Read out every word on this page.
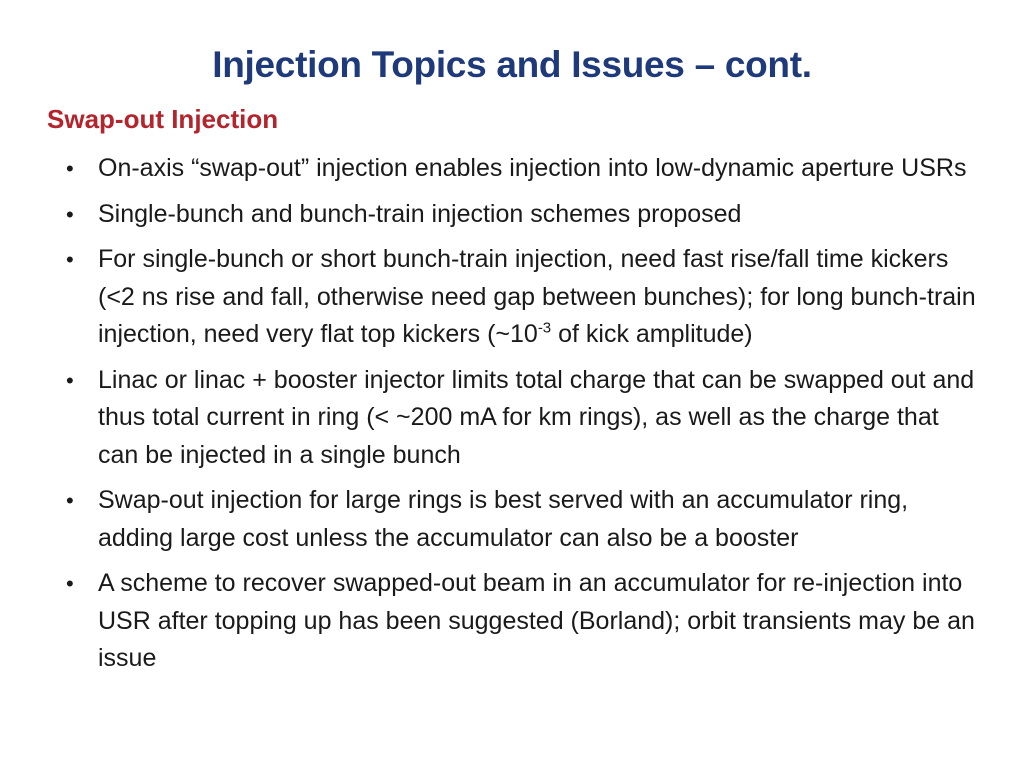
Injection Topics and Issues – cont.
Swap-out Injection
• On-axis “swap-out” injection enables injection into low-dynamic aperture USRs
• Single-bunch and bunch-train injection schemes proposed
• For single-bunch or short bunch-train injection, need fast rise/fall time kickers (<2 ns rise and fall, otherwise need gap between bunches); for long bunch-train injection, need very flat top kickers ($\sim 10^{-3}$ of kick amplitude)
• Linac or linac + booster injector limits total charge that can be swapped out and thus total current in ring (< ~200 mA for km rings), as well as the charge that can be injected in a single bunch
• Swap-out injection for large rings is best served with an accumulator ring, adding large cost unless the accumulator can also be a booster
• A scheme to recover swapped-out beam in an accumulator for re-injection into USR after topping up has been suggested (Borland); orbit transients may be an issue
